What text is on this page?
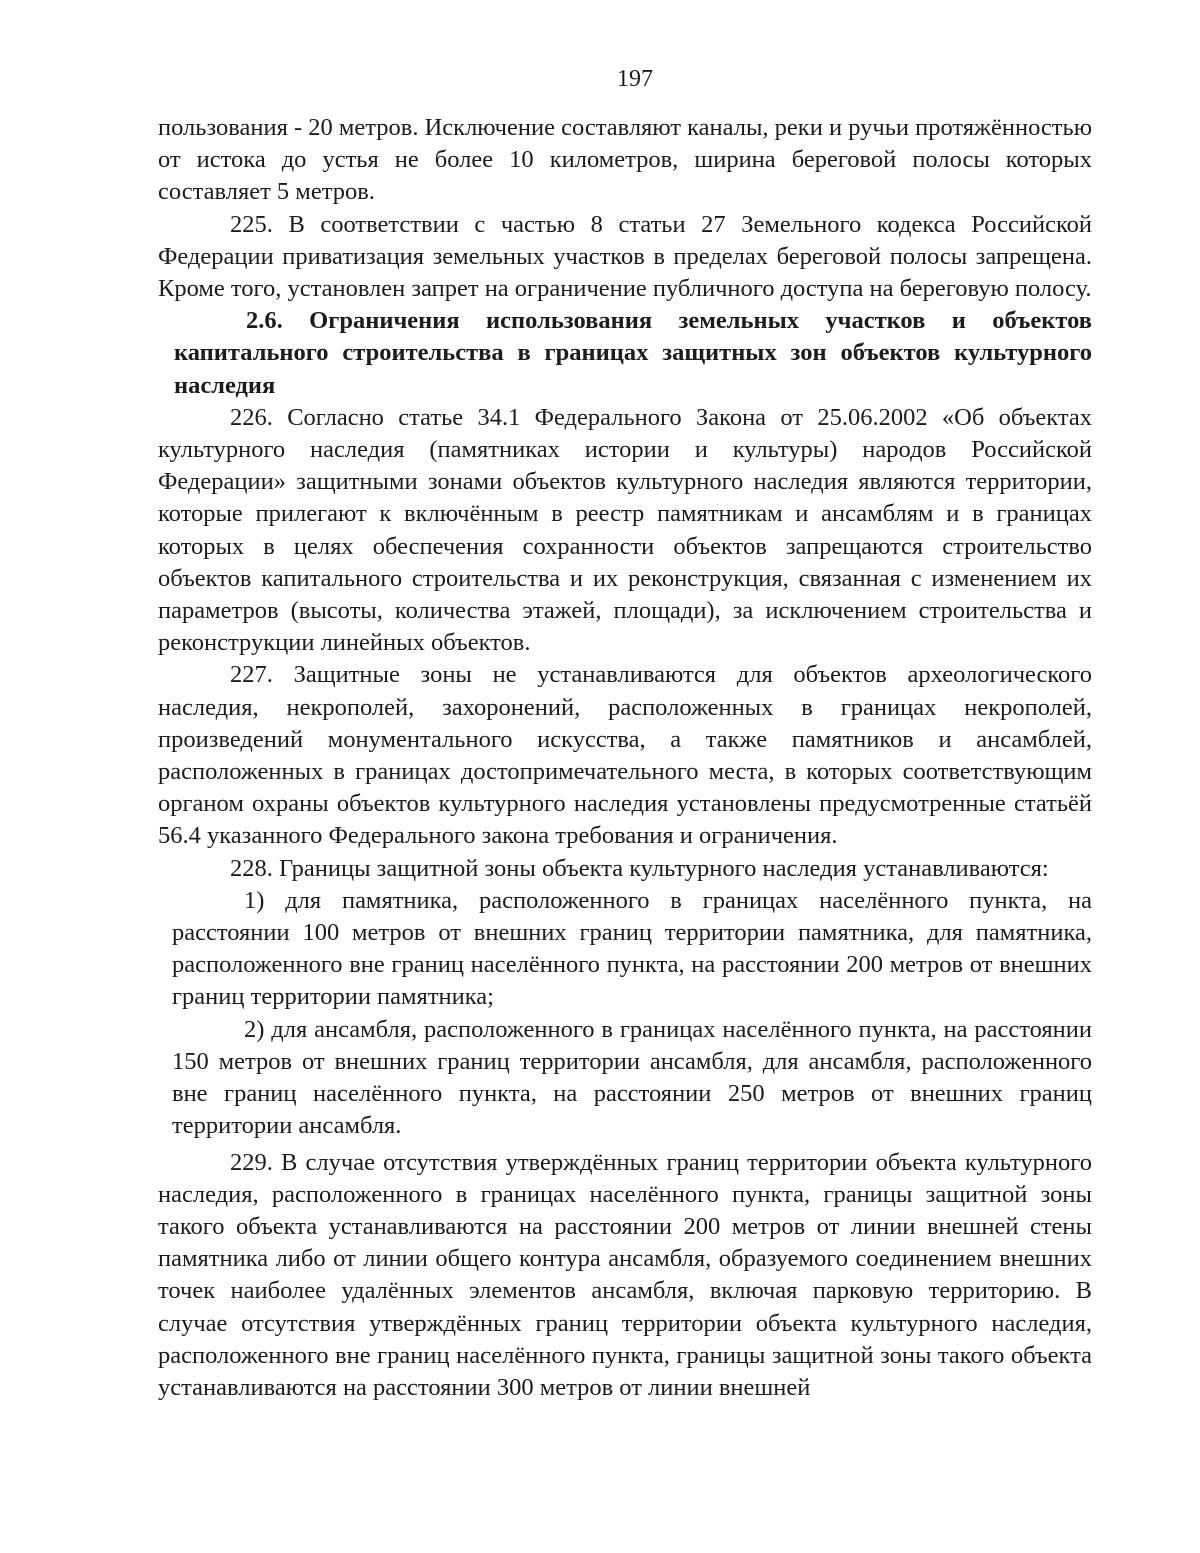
197

пользования - 20 метров. Исключение составляют каналы, реки и ручьи протяжённостью от истока до устья не более 10 километров, ширина береговой полосы которых составляет 5 метров.

225. В соответствии с частью 8 статьи 27 Земельного кодекса Российской Федерации приватизация земельных участков в пределах береговой полосы запрещена. Кроме того, установлен запрет на ограничение публичного доступа на береговую полосу.

2.6. Ограничения использования земельных участков и объектов капитального строительства в границах защитных зон объектов культурного наследия

226. Согласно статье 34.1 Федерального Закона от 25.06.2002 «Об объектах культурного наследия (памятниках истории и культуры) народов Российской Федерации» защитными зонами объектов культурного наследия являются территории, которые прилегают к включённым в реестр памятникам и ансамблям и в границах которых в целях обеспечения сохранности объектов запрещаются строительство объектов капитального строительства и их реконструкция, связанная с изменением их параметров (высоты, количества этажей, площади), за исключением строительства и реконструкции линейных объектов.

227. Защитные зоны не устанавливаются для объектов археологического наследия, некрополей, захоронений, расположенных в границах некрополей, произведений монументального искусства, а также памятников и ансамблей, расположенных в границах достопримечательного места, в которых соответствующим органом охраны объектов культурного наследия установлены предусмотренные статьёй 56.4 указанного Федерального закона требования и ограничения.

228. Границы защитной зоны объекта культурного наследия устанавливаются:

1) для памятника, расположенного в границах населённого пункта, на расстоянии 100 метров от внешних границ территории памятника, для памятника, расположенного вне границ населённого пункта, на расстоянии 200 метров от внешних границ территории памятника;

2) для ансамбля, расположенного в границах населённого пункта, на расстоянии 150 метров от внешних границ территории ансамбля, для ансамбля, расположенного вне границ населённого пункта, на расстоянии 250 метров от внешних границ территории ансамбля.

229. В случае отсутствия утверждённых границ территории объекта культурного наследия, расположенного в границах населённого пункта, границы защитной зоны такого объекта устанавливаются на расстоянии 200 метров от линии внешней стены памятника либо от линии общего контура ансамбля, образуемого соединением внешних точек наиболее удалённых элементов ансамбля, включая парковую территорию. В случае отсутствия утверждённых границ территории объекта культурного наследия, расположенного вне границ населённого пункта, границы защитной зоны такого объекта устанавливаются на расстоянии 300 метров от линии внешней
